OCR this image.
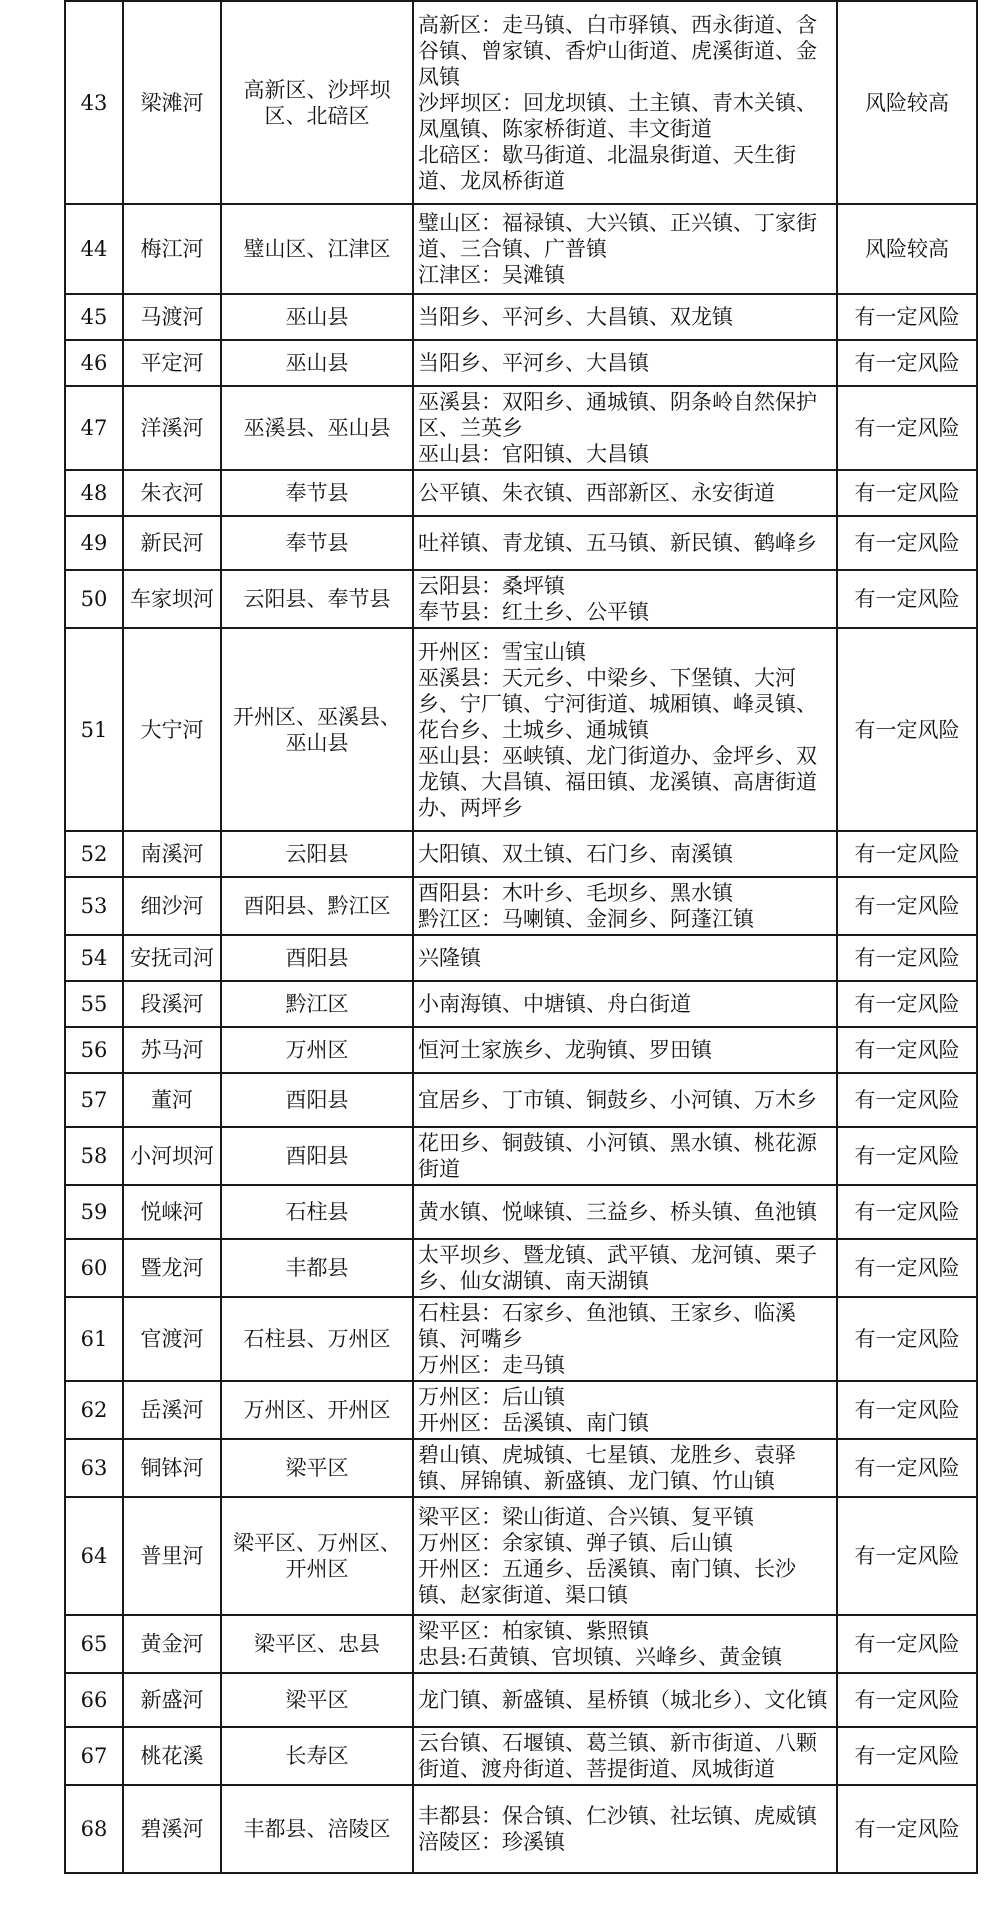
43	梁滩河	高新区、沙坪坝区、北碚区	高新区：走马镇、白市驿镇、西永街道、含谷镇、曾家镇、香炉山街道、虎溪街道、金凤镇
沙坪坝区：回龙坝镇、土主镇、青木关镇、凤凰镇、陈家桥街道、丰文街道
北碚区：歇马街道、北温泉街道、天生街道、龙凤桥街道	风险较高
44	梅江河	璧山区、江津区	璧山区：福禄镇、大兴镇、正兴镇、丁家街道、三合镇、广普镇
江津区：吴滩镇	风险较高
45	马渡河	巫山县	当阳乡、平河乡、大昌镇、双龙镇	有一定风险
46	平定河	巫山县	当阳乡、平河乡、大昌镇	有一定风险
47	洋溪河	巫溪县、巫山县	巫溪县：双阳乡、通城镇、阴条岭自然保护区、兰英乡
巫山县：官阳镇、大昌镇	有一定风险
48	朱衣河	奉节县	公平镇、朱衣镇、西部新区、永安街道	有一定风险
49	新民河	奉节县	吐祥镇、青龙镇、五马镇、新民镇、鹤峰乡	有一定风险
50	车家坝河	云阳县、奉节县	云阳县：桑坪镇
奉节县：红土乡、公平镇	有一定风险
51	大宁河	开州区、巫溪县、巫山县	开州区：雪宝山镇
巫溪县：天元乡、中梁乡、下堡镇、大河乡、宁厂镇、宁河街道、城厢镇、峰灵镇、花台乡、土城乡、通城镇
巫山县：巫峡镇、龙门街道办、金坪乡、双龙镇、大昌镇、福田镇、龙溪镇、高唐街道办、两坪乡	有一定风险
52	南溪河	云阳县	大阳镇、双土镇、石门乡、南溪镇	有一定风险
53	细沙河	酉阳县、黔江区	酉阳县：木叶乡、毛坝乡、黑水镇
黔江区：马喇镇、金洞乡、阿蓬江镇	有一定风险
54	安抚司河	酉阳县	兴隆镇	有一定风险
55	段溪河	黔江区	小南海镇、中塘镇、舟白街道	有一定风险
56	苏马河	万州区	恒河土家族乡、龙驹镇、罗田镇	有一定风险
57	董河	酉阳县	宜居乡、丁市镇、铜鼓乡、小河镇、万木乡	有一定风险
58	小河坝河	酉阳县	花田乡、铜鼓镇、小河镇、黑水镇、桃花源街道	有一定风险
59	悦崃河	石柱县	黄水镇、悦崃镇、三益乡、桥头镇、鱼池镇	有一定风险
60	暨龙河	丰都县	太平坝乡、暨龙镇、武平镇、龙河镇、栗子乡、仙女湖镇、南天湖镇	有一定风险
61	官渡河	石柱县、万州区	石柱县：石家乡、鱼池镇、王家乡、临溪镇、河嘴乡
万州区：走马镇	有一定风险
62	岳溪河	万州区、开州区	万州区：后山镇
开州区：岳溪镇、南门镇	有一定风险
63	铜钵河	梁平区	碧山镇、虎城镇、七星镇、龙胜乡、袁驿镇、屏锦镇、新盛镇、龙门镇、竹山镇	有一定风险
64	普里河	梁平区、万州区、开州区	梁平区：梁山街道、合兴镇、复平镇
万州区：余家镇、弹子镇、后山镇
开州区：五通乡、岳溪镇、南门镇、长沙镇、赵家街道、渠口镇	有一定风险
65	黄金河	梁平区、忠县	梁平区：柏家镇、紫照镇
忠县:石黄镇、官坝镇、兴峰乡、黄金镇	有一定风险
66	新盛河	梁平区	龙门镇、新盛镇、星桥镇（城北乡）、文化镇	有一定风险
67	桃花溪	长寿区	云台镇、石堰镇、葛兰镇、新市街道、八颗街道、渡舟街道、菩提街道、凤城街道	有一定风险
68	碧溪河	丰都县、涪陵区	丰都县：保合镇、仁沙镇、社坛镇、虎威镇
涪陵区：珍溪镇	有一定风险
